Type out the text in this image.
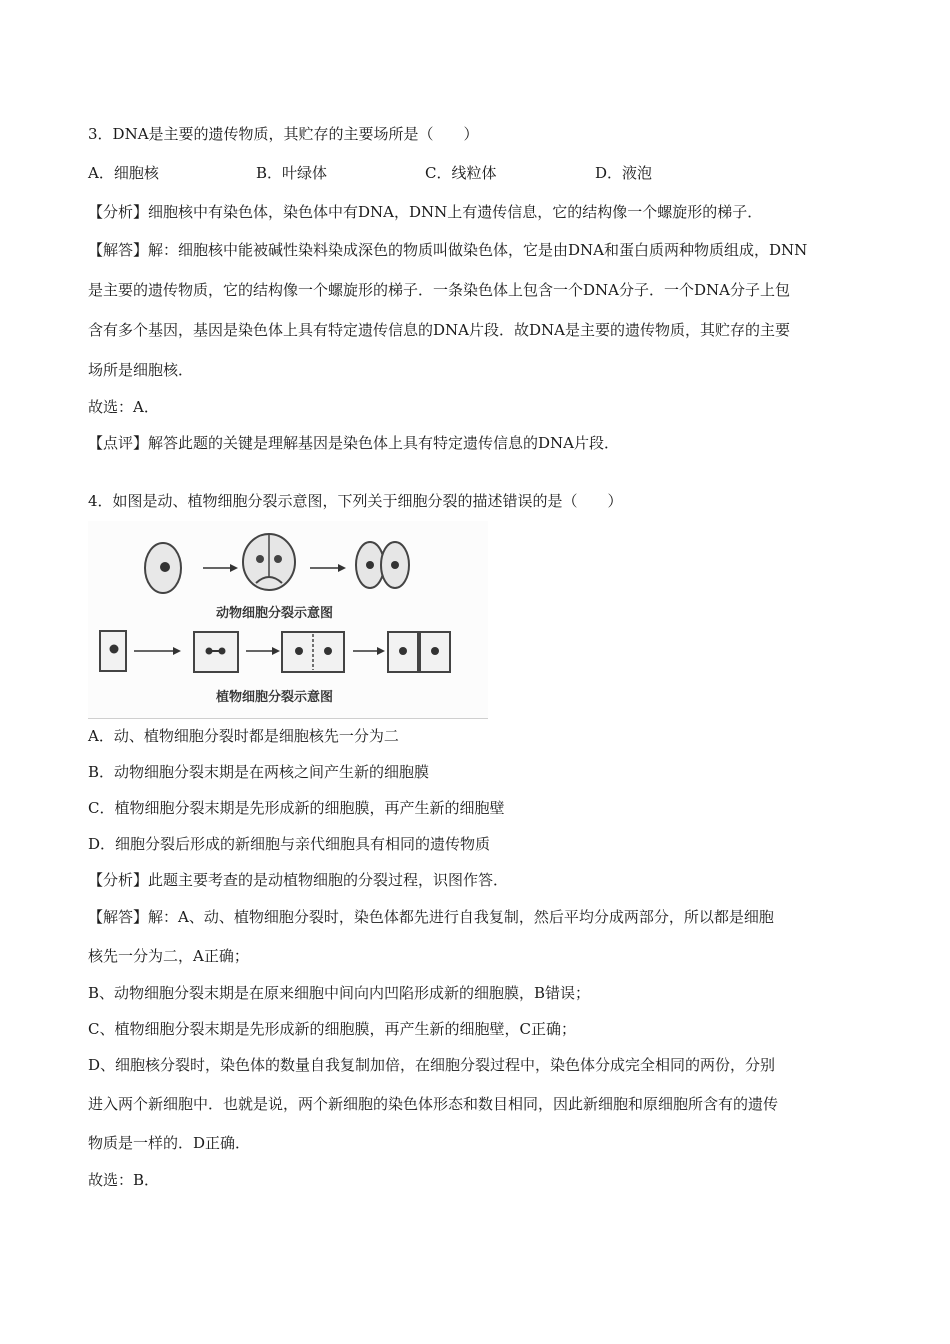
3．DNA是主要的遗传物质，其贮存的主要场所是（　　）
A．细胞核	B．叶绿体	C．线粒体	D．液泡
【分析】细胞核中有染色体，染色体中有DNA，DNN上有遗传信息，它的结构像一个螺旋形的梯子．
【解答】解：细胞核中能被碱性染料染成深色的物质叫做染色体，它是由DNA和蛋白质两种物质组成，DNN
是主要的遗传物质，它的结构像一个螺旋形的梯子．一条染色体上包含一个DNA分子．一个DNA分子上包
含有多个基因，基因是染色体上具有特定遗传信息的DNA片段．故DNA是主要的遗传物质，其贮存的主要
场所是细胞核．
故选：A．
【点评】解答此题的关键是理解基因是染色体上具有特定遗传信息的DNA片段．
4．如图是动、植物细胞分裂示意图，下列关于细胞分裂的描述错误的是（　　）
动物细胞分裂示意图
植物细胞分裂示意图
A．动、植物细胞分裂时都是细胞核先一分为二
B．动物细胞分裂末期是在两核之间产生新的细胞膜
C．植物细胞分裂末期是先形成新的细胞膜，再产生新的细胞壁
D．细胞分裂后形成的新细胞与亲代细胞具有相同的遗传物质
【分析】此题主要考查的是动植物细胞的分裂过程，识图作答．
【解答】解：A、动、植物细胞分裂时，染色体都先进行自我复制，然后平均分成两部分，所以都是细胞
核先一分为二，A正确；
B、动物细胞分裂末期是在原来细胞中间向内凹陷形成新的细胞膜，B错误；
C、植物细胞分裂末期是先形成新的细胞膜，再产生新的细胞壁，C正确；
D、细胞核分裂时，染色体的数量自我复制加倍，在细胞分裂过程中，染色体分成完全相同的两份，分别
进入两个新细胞中．也就是说，两个新细胞的染色体形态和数目相同，因此新细胞和原细胞所含有的遗传
物质是一样的．D正确．
故选：B．
